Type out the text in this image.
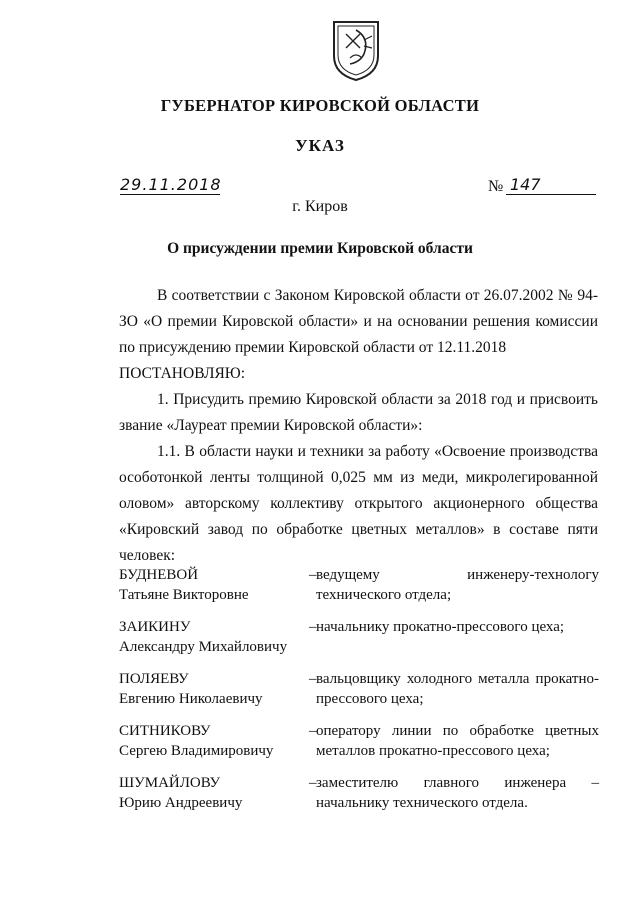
ГУБЕРНАТОР КИРОВСКОЙ ОБЛАСТИ
УКАЗ
29.11.2018	№ 147
г. Киров
О присуждении премии Кировской области

В соответствии с Законом Кировской области от 26.07.2002 № 94-ЗО «О премии Кировской области» и на основании решения комиссии по присуждению премии Кировской области от 12.11.2018

ПОСТАНОВЛЯЮ:

1. Присудить премию Кировской области за 2018 год и присвоить звание «Лауреат премии Кировской области»:

1.1. В области науки и техники за работу «Освоение производства особотонкой ленты толщиной 0,025 мм из меди, микролегированной оловом» авторскому коллективу открытого акционерного общества «Кировский завод по обработке цветных металлов» в составе пяти человек:

БУДНЕВОЙ
Татьяне Викторовне
– ведущему инженеру-технологу технического отдела;
ЗАИКИНУ
Александру Михайловичу
– начальнику прокатно-прессового цеха;
ПОЛЯЕВУ
Евгению Николаевичу
– вальцовщику холодного металла прокатно-прессового цеха;
СИТНИКОВУ
Сергею Владимировичу
– оператору линии по обработке цветных металлов прокатно-прессового цеха;
ШУМАЙЛОВУ
Юрию Андреевичу
– заместителю главного инженера – начальнику технического отдела.
